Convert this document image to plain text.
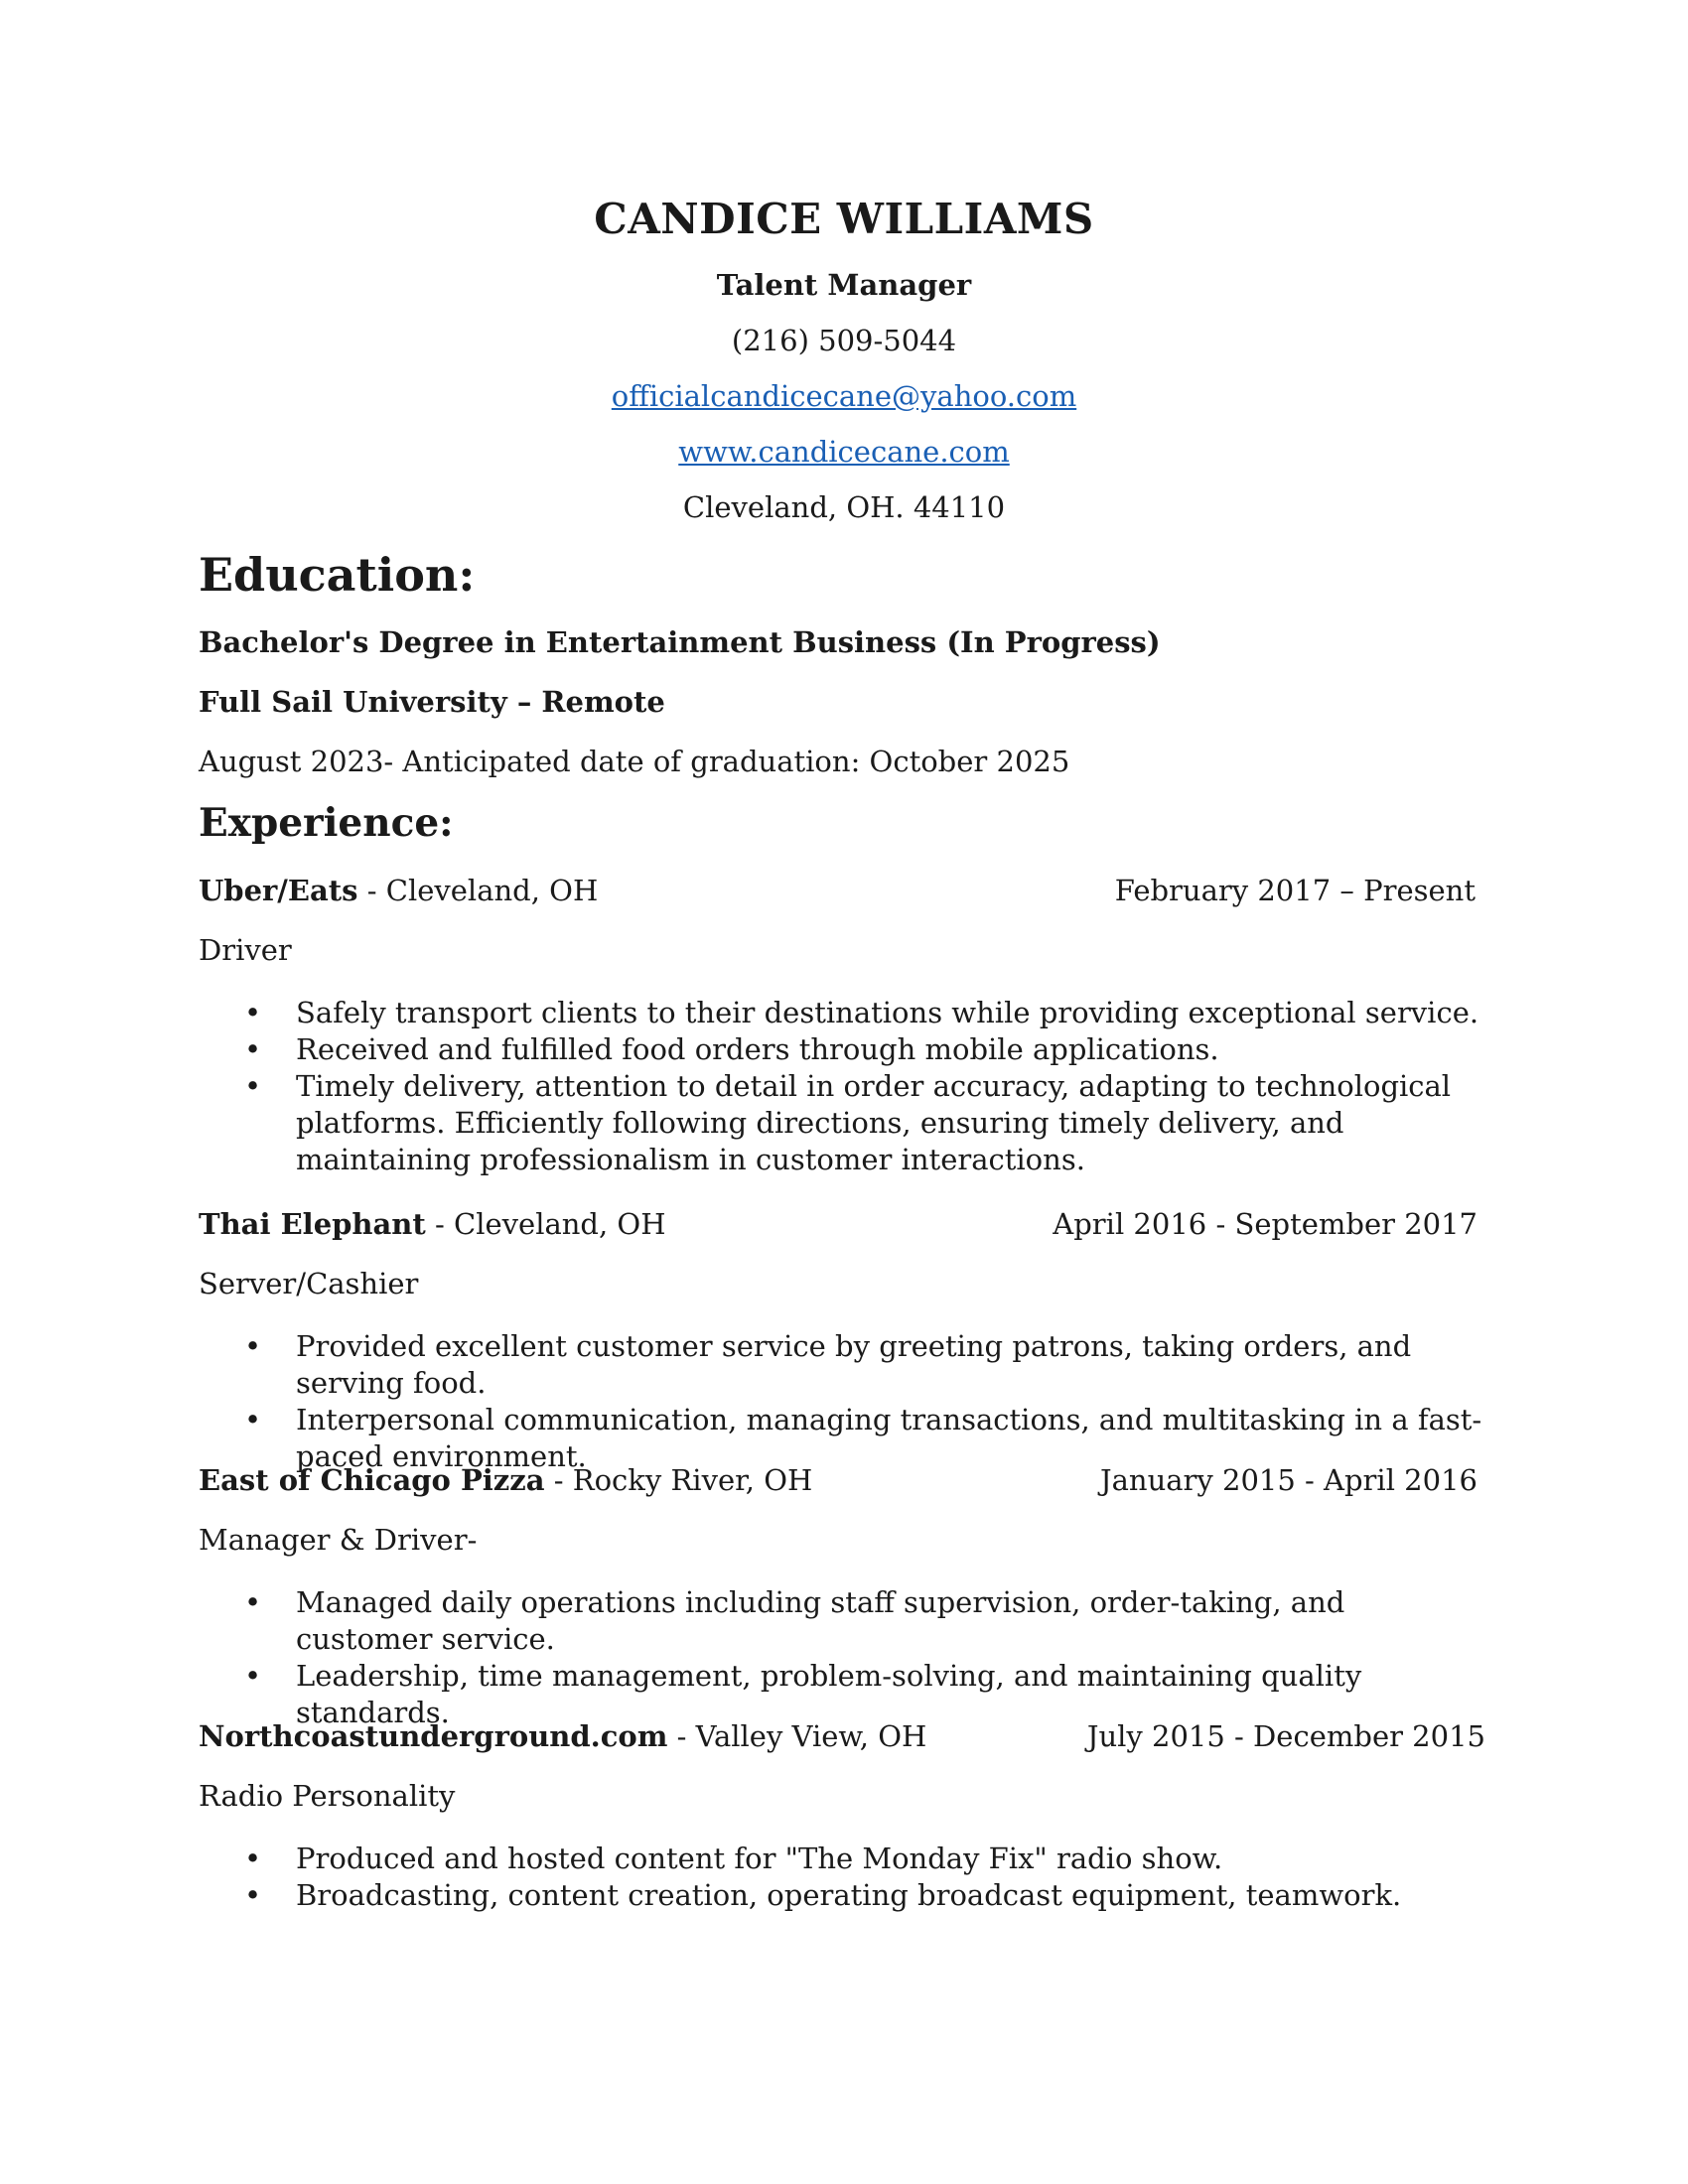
CANDICE WILLIAMS
Talent Manager
(216) 509-5044
officialcandicecane@yahoo.com
www.candicecane.com
Cleveland, OH. 44110
Education:
Bachelor's Degree in Entertainment Business (In Progress)
Full Sail University – Remote
August 2023- Anticipated date of graduation: October 2025
Experience:
Uber/Eats - Cleveland, OH	February 2017 – Present
Driver
• Safely transport clients to their destinations while providing exceptional service.
• Received and fulfilled food orders through mobile applications.
• Timely delivery, attention to detail in order accuracy, adapting to technological platforms. Efficiently following directions, ensuring timely delivery, and maintaining professionalism in customer interactions.
Thai Elephant - Cleveland, OH	April 2016 - September 2017
Server/Cashier
• Provided excellent customer service by greeting patrons, taking orders, and serving food.
• Interpersonal communication, managing transactions, and multitasking in a fast-paced environment.
East of Chicago Pizza - Rocky River, OH	January 2015 - April 2016
Manager & Driver-
• Managed daily operations including staff supervision, order-taking, and customer service.
• Leadership, time management, problem-solving, and maintaining quality standards.
Northcoastunderground.com - Valley View, OH	July 2015 - December 2015
Radio Personality
• Produced and hosted content for "The Monday Fix" radio show.
• Broadcasting, content creation, operating broadcast equipment, teamwork.
